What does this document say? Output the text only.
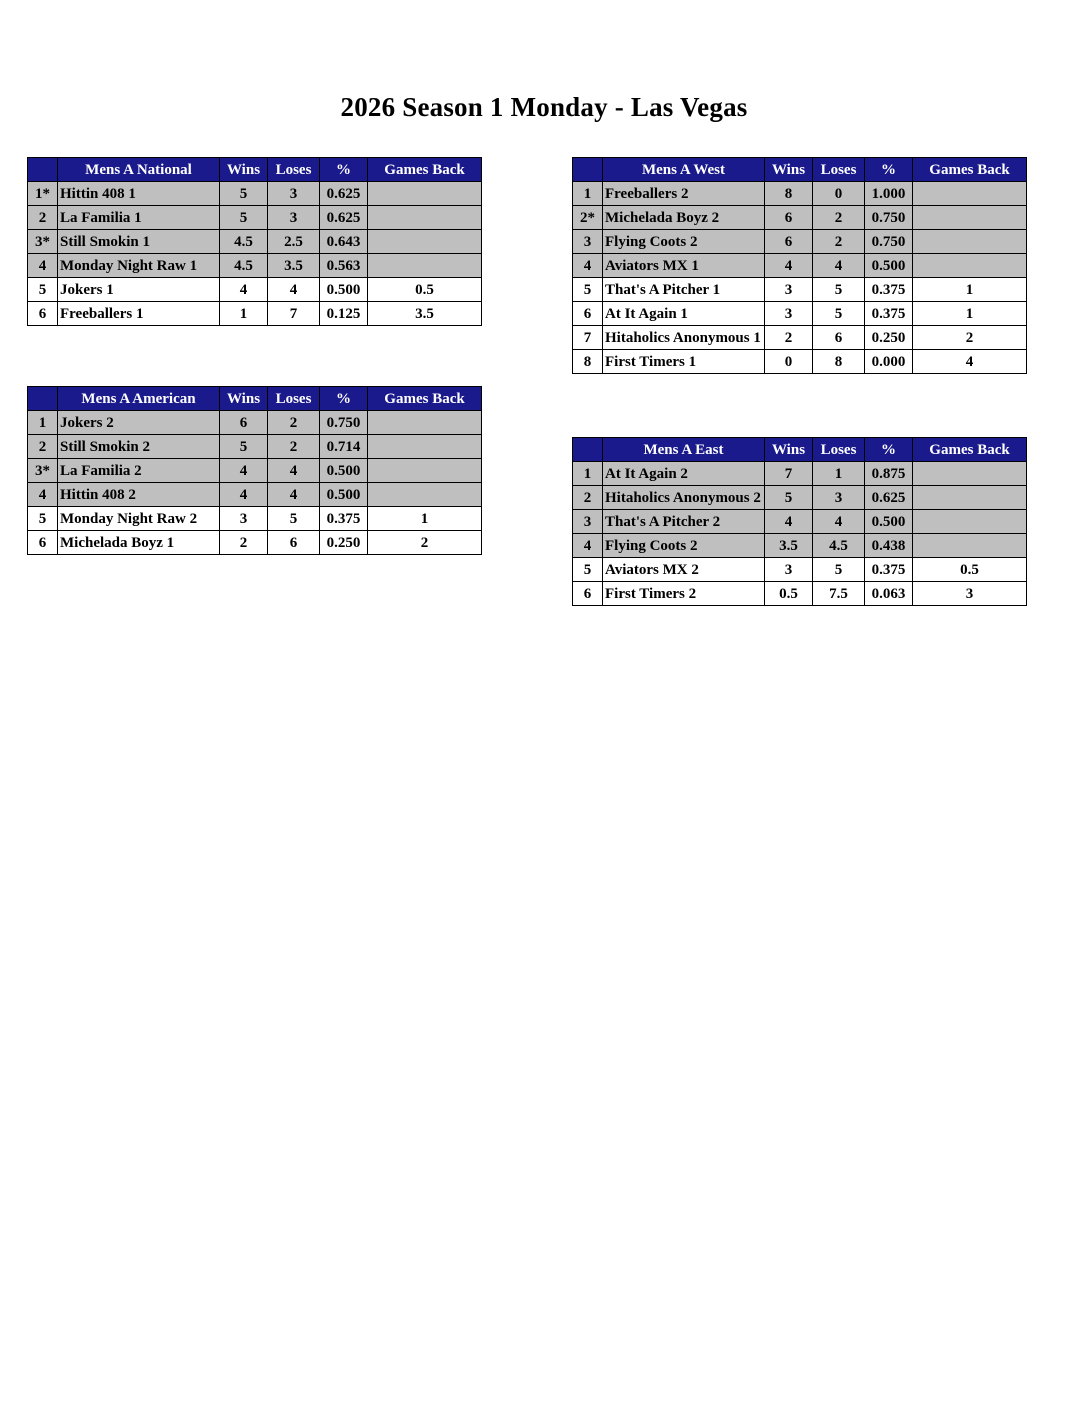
2026 Season 1 Monday - Las Vegas
	Mens A National	Wins	Loses	%	Games Back
1*	Hittin 408 1	5	3	0.625	
2	La Familia 1	5	3	0.625	
3*	Still Smokin 1	4.5	2.5	0.643	
4	Monday Night Raw 1	4.5	3.5	0.563	
5	Jokers 1	4	4	0.500	0.5
6	Freeballers 1	1	7	0.125	3.5
	Mens A American	Wins	Loses	%	Games Back
1	Jokers 2	6	2	0.750	
2	Still Smokin 2	5	2	0.714	
3*	La Familia 2	4	4	0.500	
4	Hittin 408 2	4	4	0.500	
5	Monday Night Raw 2	3	5	0.375	1
6	Michelada Boyz 1	2	6	0.250	2
	Mens A West	Wins	Loses	%	Games Back
1	Freeballers 2	8	0	1.000	
2*	Michelada Boyz 2	6	2	0.750	
3	Flying Coots 2	6	2	0.750	
4	Aviators MX 1	4	4	0.500	
5	That's A Pitcher 1	3	5	0.375	1
6	At It Again 1	3	5	0.375	1
7	Hitaholics Anonymous 1	2	6	0.250	2
8	First Timers 1	0	8	0.000	4
	Mens A East	Wins	Loses	%	Games Back
1	At It Again 2	7	1	0.875	
2	Hitaholics Anonymous 2	5	3	0.625	
3	That's A Pitcher 2	4	4	0.500	
4	Flying Coots 2	3.5	4.5	0.438	
5	Aviators MX 2	3	5	0.375	0.5
6	First Timers 2	0.5	7.5	0.063	3
